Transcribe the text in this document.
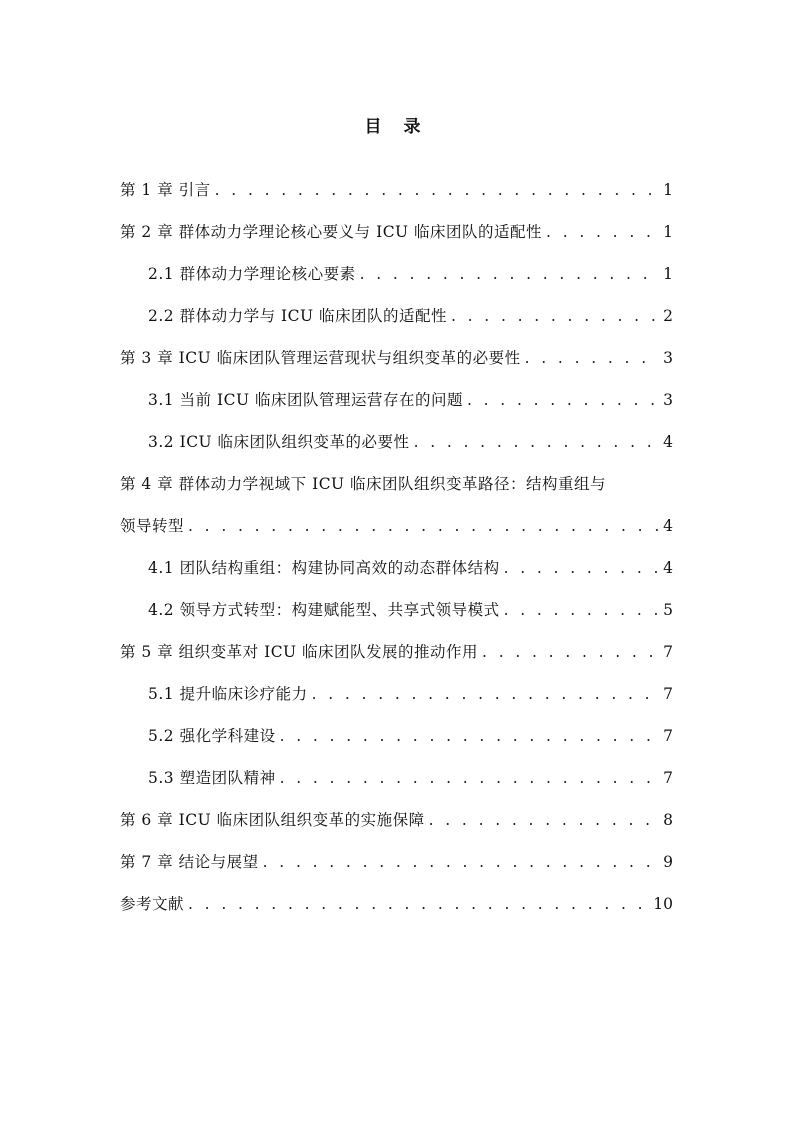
目 录
第 1 章 引言 . . .	1
第 2 章 群体动力学理论核心要义与 ICU 临床团队的适配性 . . .	1
2.1 群体动力学理论核心要素 . . .	1
2.2 群体动力学与 ICU 临床团队的适配性 . . .	2
第 3 章 ICU 临床团队管理运营现状与组织变革的必要性 . . .	3
3.1 当前 ICU 临床团队管理运营存在的问题 . . .	3
3.2 ICU 临床团队组织变革的必要性 . . .	4
第 4 章 群体动力学视域下 ICU 临床团队组织变革路径：结构重组与
领导转型 . . .	4
4.1 团队结构重组：构建协同高效的动态群体结构 . . .	4
4.2 领导方式转型：构建赋能型、共享式领导模式 . . .	5
第 5 章 组织变革对 ICU 临床团队发展的推动作用 . . .	7
5.1 提升临床诊疗能力 . . .	7
5.2 强化学科建设 . . .	7
5.3 塑造团队精神 . . .	7
第 6 章 ICU 临床团队组织变革的实施保障 . . .	8
第 7 章 结论与展望 . . .	9
参考文献 . . .	10
